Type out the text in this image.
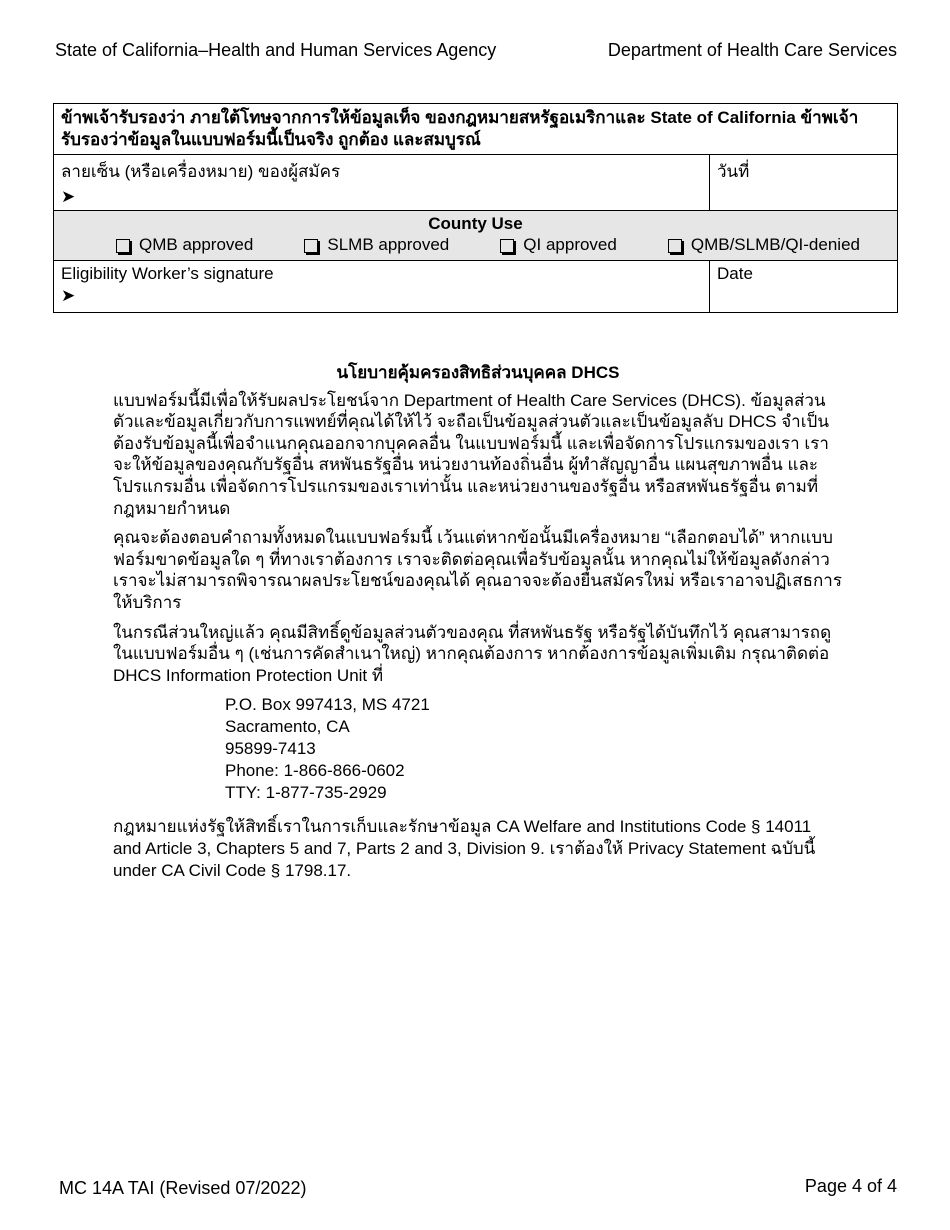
State of California–Health and Human Services Agency	Department of Health Care Services
ข้าพเจ้ารับรองว่า ภายใต้โทษจากการให้ข้อมูลเท็จ ของกฎหมายสหรัฐอเมริกาและ State of California ข้าพเจ้ารับรองว่าข้อมูลในแบบฟอร์มนี้เป็นจริง ถูกต้อง และสมบูรณ์	
ลายเซ็น (หรือเครื่องหมาย) ของผู้สมัคร
➤	วันที่

County Use
QMB approved SLMB approved QI approved QMB/SLMB/QI-denied	

Eligibility Worker’s signature
➤	Date
นโยบายคุ้มครองสิทธิส่วนบุคคล DHCS

แบบฟอร์มนี้มีเพื่อให้รับผลประโยชน์จาก Department of Health Care Services (DHCS). ข้อมูลส่วนตัวและข้อมูลเกี่ยวกับการแพทย์ที่คุณได้ให้ไว้ จะถือเป็นข้อมูลส่วนตัวและเป็นข้อมูลลับ DHCS จำเป็นต้องรับข้อมูลนี้เพื่อจำแนกคุณออกจากบุคคลอื่น ในแบบฟอร์มนี้ และเพื่อจัดการโปรแกรมของเรา เราจะให้ข้อมูลของคุณกับรัฐอื่น สหพันธรัฐอื่น หน่วยงานท้องถิ่นอื่น ผู้ทำสัญญาอื่น แผนสุขภาพอื่น และโปรแกรมอื่น เพื่อจัดการโปรแกรมของเราเท่านั้น และหน่วยงานของรัฐอื่น หรือสหพันธรัฐอื่น ตามที่กฎหมายกำหนด

คุณจะต้องตอบคำถามทั้งหมดในแบบฟอร์มนี้ เว้นแต่หากข้อนั้นมีเครื่องหมาย “เลือกตอบได้” หากแบบฟอร์มขาดข้อมูลใด ๆ ที่ทางเราต้องการ เราจะติดต่อคุณเพื่อรับข้อมูลนั้น หากคุณไม่ให้ข้อมูลดังกล่าว เราจะไม่สามารถพิจารณาผลประโยชน์ของคุณได้ คุณอาจจะต้องยื่นสมัครใหม่ หรือเราอาจปฏิเสธการให้บริการ

ในกรณีส่วนใหญ่แล้ว คุณมีสิทธิ์ดูข้อมูลส่วนตัวของคุณ ที่สหพันธรัฐ หรือรัฐได้บันทึกไว้ คุณสามารถดูในแบบฟอร์มอื่น ๆ (เช่นการคัดสำเนาใหญ่) หากคุณต้องการ หากต้องการข้อมูลเพิ่มเติม กรุณาติดต่อ DHCS Information Protection Unit ที่

P.O. Box 997413, MS 4721
Sacramento, CA
95899-7413
Phone: 1-866-866-0602
TTY: 1-877-735-2929
กฎหมายแห่งรัฐให้สิทธิ์เราในการเก็บและรักษาข้อมูล CA Welfare and Institutions Code § 14011 and Article 3, Chapters 5 and 7, Parts 2 and 3, Division 9. เราต้องให้ Privacy Statement ฉบับนี้ under CA Civil Code § 1798.17.
MC 14A TAI (Revised 07/2022)	Page 4 of 4
